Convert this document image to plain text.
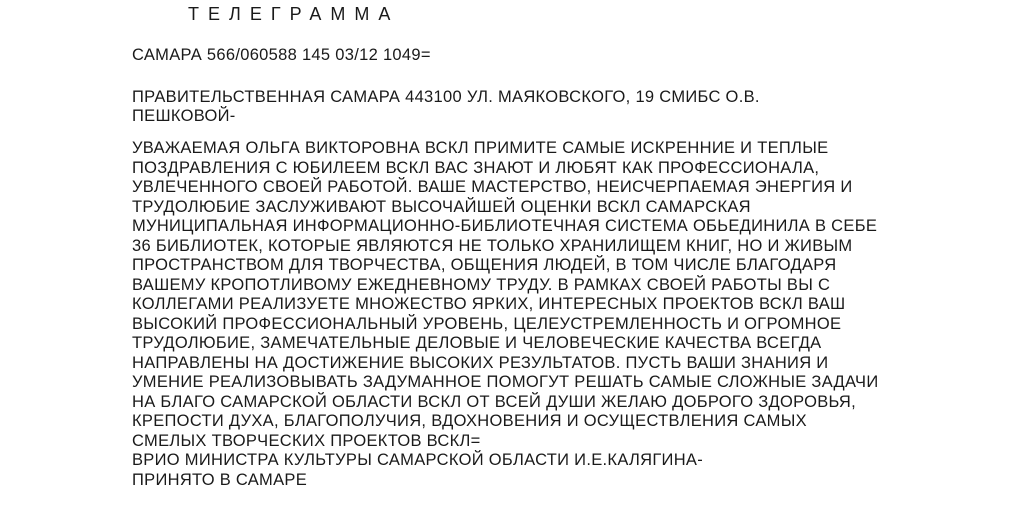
ТЕЛЕГРАММА
САМАРА 566/060588 145 03/12 1049=
ПРАВИТЕЛЬСТВЕННАЯ САМАРА 443100 УЛ. МАЯКОВСКОГО, 19 СМИБС О.В.
ПЕШКОВОЙ-
УВАЖАЕМАЯ ОЛЬГА ВИКТОРОВНА ВСКЛ ПРИМИТЕ САМЫЕ ИСКРЕННИЕ И ТЕПЛЫЕ
ПОЗДРАВЛЕНИЯ С ЮБИЛЕЕМ ВСКЛ ВАС ЗНАЮТ И ЛЮБЯТ КАК ПРОФЕССИОНАЛА,
УВЛЕЧЕННОГО СВОЕЙ РАБОТОЙ. ВАШЕ МАСТЕРСТВО, НЕИСЧЕРПАЕМАЯ ЭНЕРГИЯ И
ТРУДОЛЮБИЕ ЗАСЛУЖИВАЮТ ВЫСОЧАЙШЕЙ ОЦЕНКИ ВСКЛ САМАРСКАЯ
МУНИЦИПАЛЬНАЯ ИНФОРМАЦИОННО-БИБЛИОТЕЧНАЯ СИСТЕМА ОБЬЕДИНИЛА В СЕБЕ
36 БИБЛИОТЕК, КОТОРЫЕ ЯВЛЯЮТСЯ НЕ ТОЛЬКО ХРАНИЛИЩЕМ КНИГ, НО И ЖИВЫМ
ПРОСТРАНСТВОМ ДЛЯ ТВОРЧЕСТВА, ОБЩЕНИЯ ЛЮДЕЙ, В ТОМ ЧИСЛЕ БЛАГОДАРЯ
ВАШЕМУ КРОПОТЛИВОМУ ЕЖЕДНЕВНОМУ ТРУДУ. В РАМКАХ СВОЕЙ РАБОТЫ ВЫ С
КОЛЛЕГАМИ РЕАЛИЗУЕТЕ МНОЖЕСТВО ЯРКИХ, ИНТЕРЕСНЫХ ПРОЕКТОВ ВСКЛ ВАШ
ВЫСОКИЙ ПРОФЕССИОНАЛЬНЫЙ УРОВЕНЬ, ЦЕЛЕУСТРЕМЛЕННОСТЬ И ОГРОМНОЕ
ТРУДОЛЮБИЕ, ЗАМЕЧАТЕЛЬНЫЕ ДЕЛОВЫЕ И ЧЕЛОВЕЧЕСКИЕ КАЧЕСТВА ВСЕГДА
НАПРАВЛЕНЫ НА ДОСТИЖЕНИЕ ВЫСОКИХ РЕЗУЛЬТАТОВ. ПУСТЬ ВАШИ ЗНАНИЯ И
УМЕНИЕ РЕАЛИЗОВЫВАТЬ ЗАДУМАННОЕ ПОМОГУТ РЕШАТЬ САМЫЕ СЛОЖНЫЕ ЗАДАЧИ
НА БЛАГО САМАРСКОЙ ОБЛАСТИ ВСКЛ ОТ ВСЕЙ ДУШИ ЖЕЛАЮ ДОБРОГО ЗДОРОВЬЯ,
КРЕПОСТИ ДУХА, БЛАГОПОЛУЧИЯ, ВДОХНОВЕНИЯ И ОСУЩЕСТВЛЕНИЯ САМЫХ
СМЕЛЫХ ТВОРЧЕСКИХ ПРОЕКТОВ ВСКЛ=
ВРИО МИНИСТРА КУЛЬТУРЫ САМАРСКОЙ ОБЛАСТИ И.Е.КАЛЯГИНА-
ПРИНЯТО В САМАРЕ
